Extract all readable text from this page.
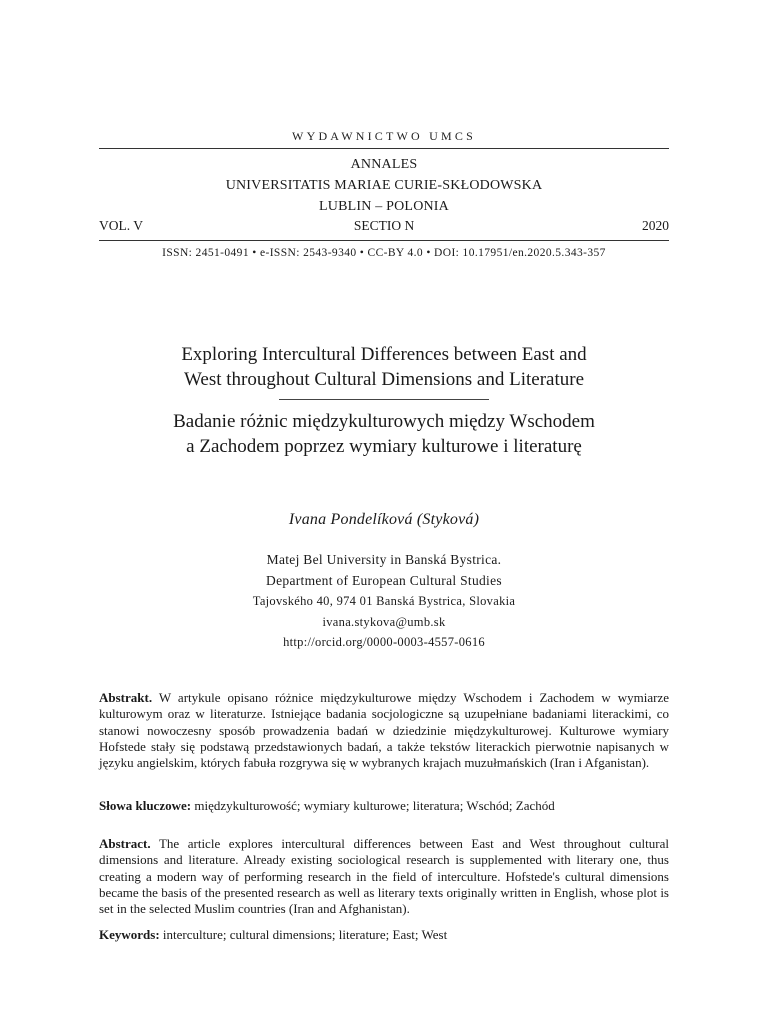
WYDAWNICTWO UMCS
ANNALES
UNIVERSITATIS MARIAE CURIE-SKŁODOWSKA
LUBLIN – POLONIA
VOL. V	SECTIO N	2020
ISSN: 2451-0491 • e-ISSN: 2543-9340 • CC-BY 4.0 • DOI: 10.17951/en.2020.5.343-357
Exploring Intercultural Differences between East and
West throughout Cultural Dimensions and Literature
Badanie różnic międzykulturowych między Wschodem
a Zachodem poprzez wymiary kulturowe i literaturę
Ivana Pondelíková (Styková)
Matej Bel University in Banská Bystrica.
Department of European Cultural Studies
Tajovského 40, 974 01 Banská Bystrica, Slovakia
ivana.stykova@umb.sk
http://orcid.org/0000-0003-4557-0616
Abstrakt. W artykule opisano różnice międzykulturowe między Wschodem i Zachodem w wymiarze kulturowym oraz w literaturze. Istniejące badania socjologiczne są uzupełniane badaniami literackimi, co stanowi nowoczesny sposób prowadzenia badań w dziedzinie międzykulturowej. Kulturowe wymiary Hofstede stały się podstawą przedstawionych badań, a także tekstów literackich pierwotnie napisanych w języku angielskim, których fabuła rozgrywa się w wybranych krajach muzułmańskich (Iran i Afganistan).
Słowa kluczowe: międzykulturowość; wymiary kulturowe; literatura; Wschód; Zachód
Abstract. The article explores intercultural differences between East and West throughout cultural dimensions and literature. Already existing sociological research is supplemented with literary one, thus creating a modern way of performing research in the field of interculture. Hofstede's cultural dimensions became the basis of the presented research as well as literary texts originally written in English, whose plot is set in the selected Muslim countries (Iran and Afghanistan).
Keywords: interculture; cultural dimensions; literature; East; West
